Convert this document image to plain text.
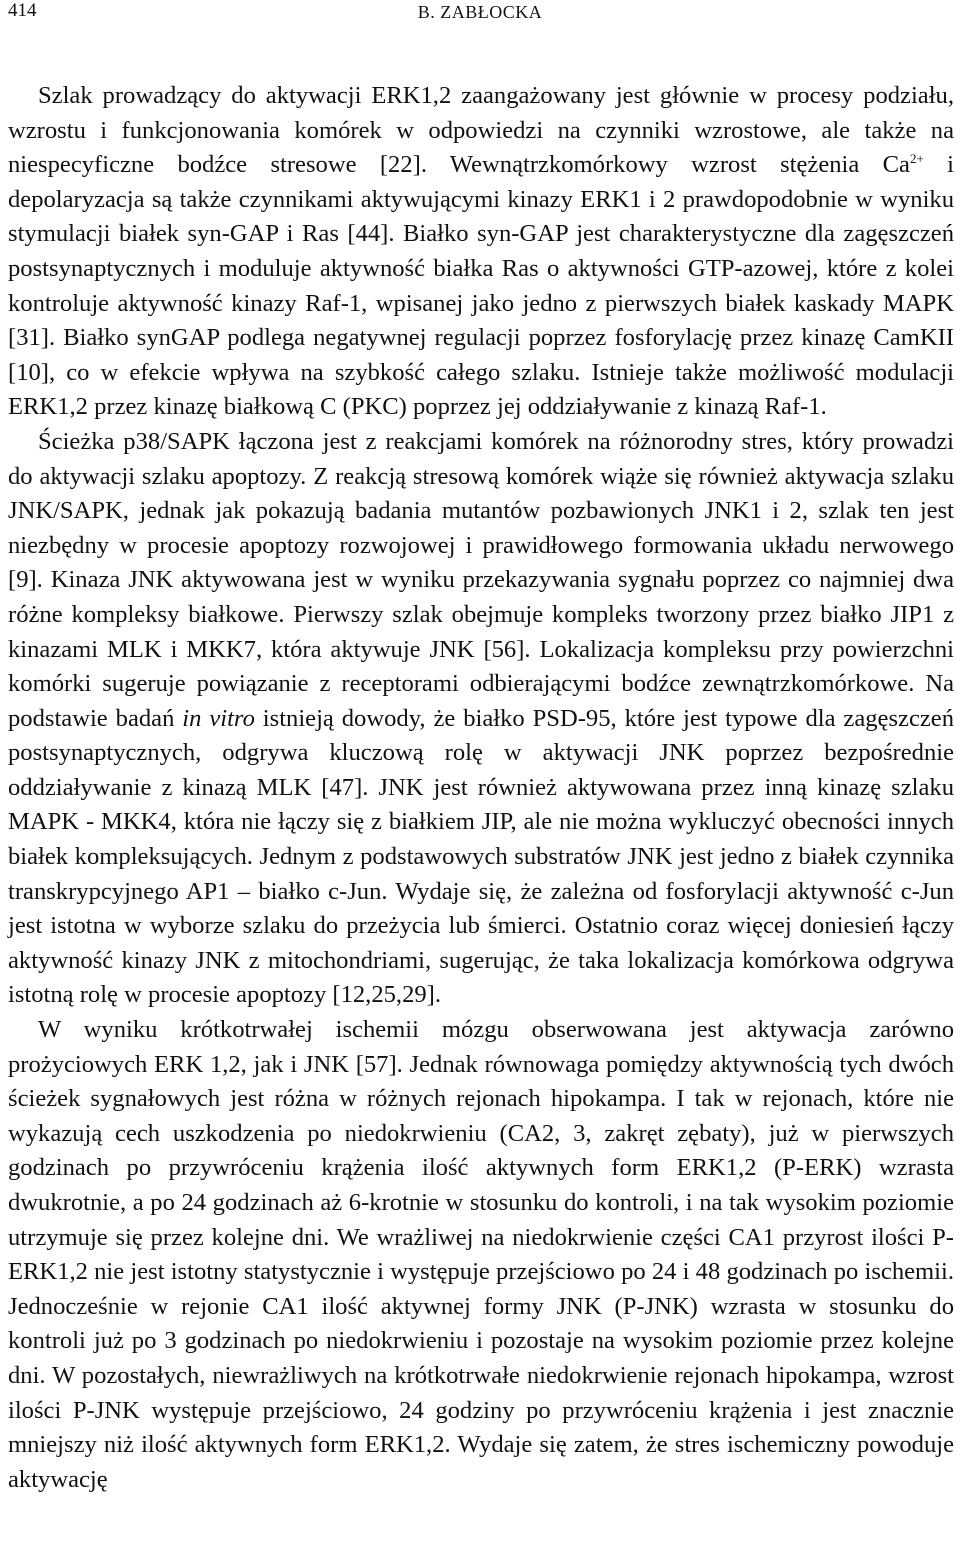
414	B. ZABŁOCKA

Szlak prowadzący do aktywacji ERK1,2 zaangażowany jest głównie w procesy podziału, wzrostu i funkcjonowania komórek w odpowiedzi na czynniki wzrostowe, ale także na niespecyficzne bodźce stresowe [22]. Wewnątrzkomórkowy wzrost stężenia $Ca^{2+}$ i depolaryzacja są także czynnikami aktywującymi kinazy ERK1 i 2 prawdopodobnie w wyniku stymulacji białek syn-GAP i Ras [44]. Białko syn-GAP jest charakterystyczne dla zagęszczeń postsynaptycznych i moduluje aktywność białka Ras o aktywności GTP-azowej, które z kolei kontroluje aktywność kinazy Raf-1, wpisanej jako jedno z pierwszych białek kaskady MAPK [31]. Białko synGAP podlega negatywnej regulacji poprzez fosforylację przez kinazę CamKII [10], co w efekcie wpływa na szybkość całego szlaku. Istnieje także możliwość modulacji ERK1,2 przez kinazę białkową C (PKC) poprzez jej oddziaływanie z kinazą Raf-1.

Ścieżka p38/SAPK łączona jest z reakcjami komórek na różnorodny stres, który prowadzi do aktywacji szlaku apoptozy. Z reakcją stresową komórek wiąże się również aktywacja szlaku JNK/SAPK, jednak jak pokazują badania mutantów pozbawionych JNK1 i 2, szlak ten jest niezbędny w procesie apoptozy rozwojowej i prawidłowego formowania układu nerwowego [9]. Kinaza JNK aktywowana jest w wyniku przekazywania sygnału poprzez co najmniej dwa różne kompleksy białkowe. Pierwszy szlak obejmuje kompleks tworzony przez białko JIP1 z kinazami MLK i MKK7, która aktywuje JNK [56]. Lokalizacja kompleksu przy powierzchni komórki sugeruje powiązanie z receptorami odbierającymi bodźce zewnątrzkomórkowe. Na podstawie badań in vitro istnieją dowody, że białko PSD-95, które jest typowe dla zagęszczeń postsynaptycznych, odgrywa kluczową rolę w aktywacji JNK poprzez bezpośrednie oddziaływanie z kinazą MLK [47]. JNK jest również aktywowana przez inną kinazę szlaku MAPK - MKK4, która nie łączy się z białkiem JIP, ale nie można wykluczyć obecności innych białek kompleksujących. Jednym z podstawowych substratów JNK jest jedno z białek czynnika transkrypcyjnego AP1 – białko c-Jun. Wydaje się, że zależna od fosforylacji aktywność c-Jun jest istotna w wyborze szlaku do przeżycia lub śmierci. Ostatnio coraz więcej doniesień łączy aktywność kinazy JNK z mitochondriami, sugerując, że taka lokalizacja komórkowa odgrywa istotną rolę w procesie apoptozy [12,25,29].

W wyniku krótkotrwałej ischemii mózgu obserwowana jest aktywacja zarówno prożyciowych ERK 1,2, jak i JNK [57]. Jednak równowaga pomiędzy aktywnością tych dwóch ścieżek sygnałowych jest różna w różnych rejonach hipokampa. I tak w rejonach, które nie wykazują cech uszkodzenia po niedokrwieniu (CA2, 3, zakręt zębaty), już w pierwszych godzinach po przywróceniu krążenia ilość aktywnych form ERK1,2 (P-ERK) wzrasta dwukrotnie, a po 24 godzinach aż 6-krotnie w stosunku do kontroli, i na tak wysokim poziomie utrzymuje się przez kolejne dni. We wrażliwej na niedokrwienie części CA1 przyrost ilości P-ERK1,2 nie jest istotny statystycznie i występuje przejściowo po 24 i 48 godzinach po ischemii. Jednocześnie w rejonie CA1 ilość aktywnej formy JNK (P-JNK) wzrasta w stosunku do kontroli już po 3 godzinach po niedokrwieniu i pozostaje na wysokim poziomie przez kolejne dni. W pozostałych, niewrażliwych na krótkotrwałe niedokrwienie rejonach hipokampa, wzrost ilości P-JNK występuje przejściowo, 24 godziny po przywróceniu krążenia i jest znacznie mniejszy niż ilość aktywnych form ERK1,2. Wydaje się zatem, że stres ischemiczny powoduje aktywację
